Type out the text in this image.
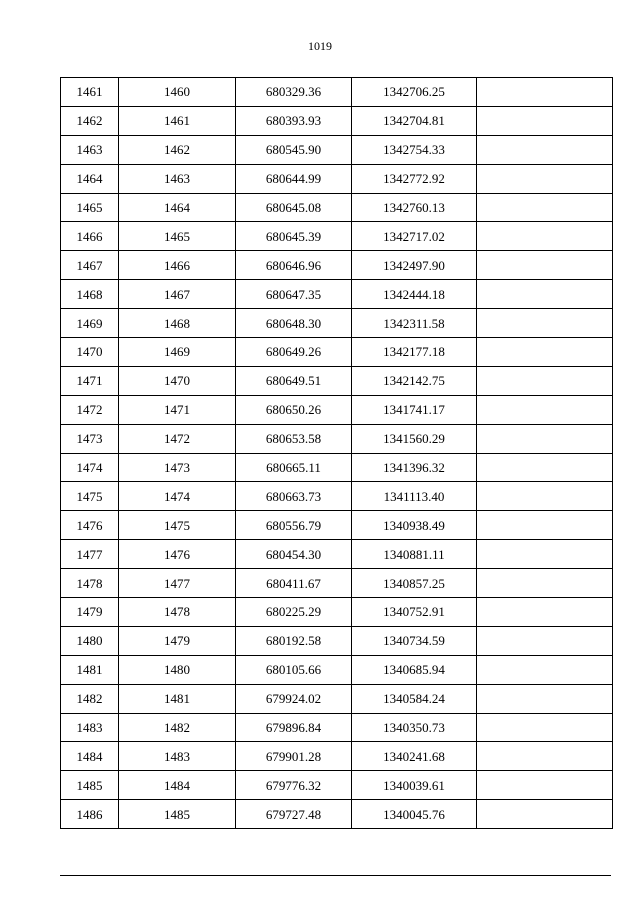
1019
1461	1460	680329.36	1342706.25	
1462	1461	680393.93	1342704.81	
1463	1462	680545.90	1342754.33	
1464	1463	680644.99	1342772.92	
1465	1464	680645.08	1342760.13	
1466	1465	680645.39	1342717.02	
1467	1466	680646.96	1342497.90	
1468	1467	680647.35	1342444.18	
1469	1468	680648.30	1342311.58	
1470	1469	680649.26	1342177.18	
1471	1470	680649.51	1342142.75	
1472	1471	680650.26	1341741.17	
1473	1472	680653.58	1341560.29	
1474	1473	680665.11	1341396.32	
1475	1474	680663.73	1341113.40	
1476	1475	680556.79	1340938.49	
1477	1476	680454.30	1340881.11	
1478	1477	680411.67	1340857.25	
1479	1478	680225.29	1340752.91	
1480	1479	680192.58	1340734.59	
1481	1480	680105.66	1340685.94	
1482	1481	679924.02	1340584.24	
1483	1482	679896.84	1340350.73	
1484	1483	679901.28	1340241.68	
1485	1484	679776.32	1340039.61	
1486	1485	679727.48	1340045.76	
